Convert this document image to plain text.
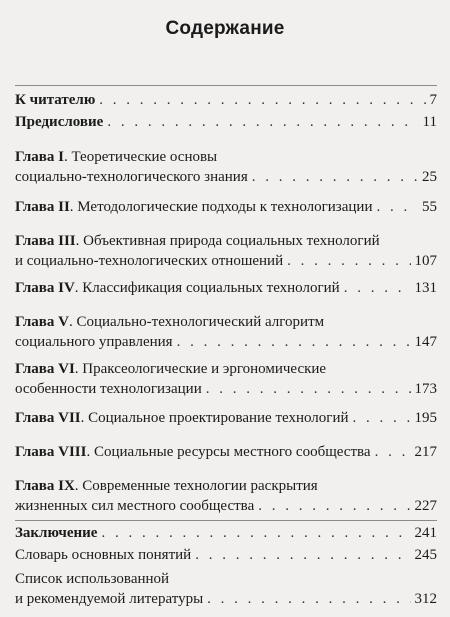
Содержание
К читателю . . .	7
Предисловие . . .	11
Глава I. Теоретические основы
социально-технологического знания . . .	25
Глава II. Методологические подходы к технологизации . . .	55
Глава III. Объективная природа социальных технологий
и социально-технологических отношений . . .	107
Глава IV. Классификация социальных технологий . . .	131
Глава V. Социально-технологический алгоритм
социального управления . . .	147
Глава VI. Праксеологические и эргономические
особенности технологизации . . .	173
Глава VII. Социальное проектирование технологий . . .	195
Глава VIII. Социальные ресурсы местного сообщества . . .	217
Глава IX. Современные технологии раскрытия
жизненных сил местного сообщества . . .	227
Заключение . . .	241
Словарь основных понятий . . .	245
Список использованной
и рекомендуемой литературы . . .	312
